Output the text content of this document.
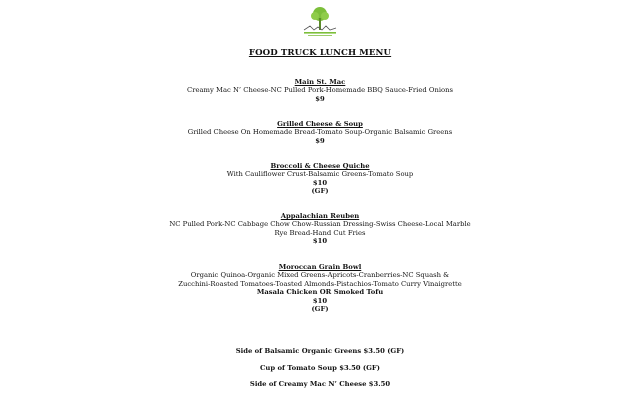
FOOD TRUCK LUNCH MENU
Main St. Mac
Creamy Mac N’ Cheese-NC Pulled Pork-Homemade BBQ Sauce-Fried Onions
$9
Grilled Cheese & Soup
Grilled Cheese On Homemade Bread-Tomato Soup-Organic Balsamic Greens
$9
Broccoli & Cheese Quiche
With Cauliflower Crust-Balsamic Greens-Tomato Soup
$10
(GF)
Appalachian Reuben
NC Pulled Pork-NC Cabbage Chow Chow-Russian Dressing-Swiss Cheese-Local Marble
Rye Bread-Hand Cut Fries
$10
Moroccan Grain Bowl
Organic Quinoa-Organic Mixed Greens-Apricots-Cranberries-NC Squash &
Zucchini-Roasted Tomatoes-Toasted Almonds-Pistachios-Tomato Curry Vinaigrette
Masala Chicken OR Smoked Tofu
$10
(GF)
Side of Balsamic Organic Greens $3.50 (GF)
Cup of Tomato Soup $3.50 (GF)
Side of Creamy Mac N’ Cheese $3.50
